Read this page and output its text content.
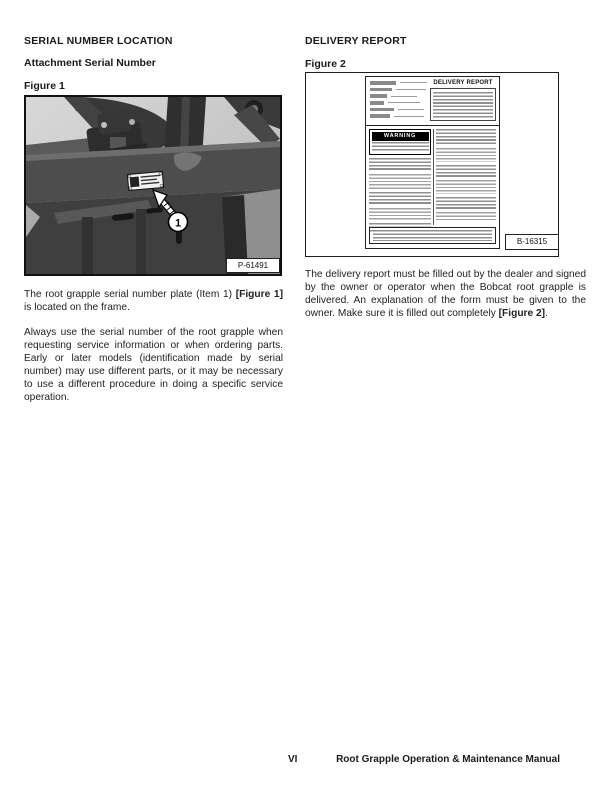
SERIAL NUMBER LOCATION
Attachment Serial Number
Figure 1
1
P-61491

The root grapple serial number plate (Item 1) [Figure 1] is located on the frame.

Always use the serial number of the root grapple when requesting service information or when ordering parts. Early or later models (identification made by serial number) may use different parts, or it may be necessary to use a different procedure in doing a specific service operation.

DELIVERY REPORT
Figure 2
DELIVERY REPORT
WARNING
B-16315

The delivery report must be filled out by the dealer and signed by the owner or operator when the Bobcat root grapple is delivered. An explanation of the form must be given to the owner. Make sure it is filled out completely [Figure 2].

VI	Root Grapple Operation & Maintenance Manual
